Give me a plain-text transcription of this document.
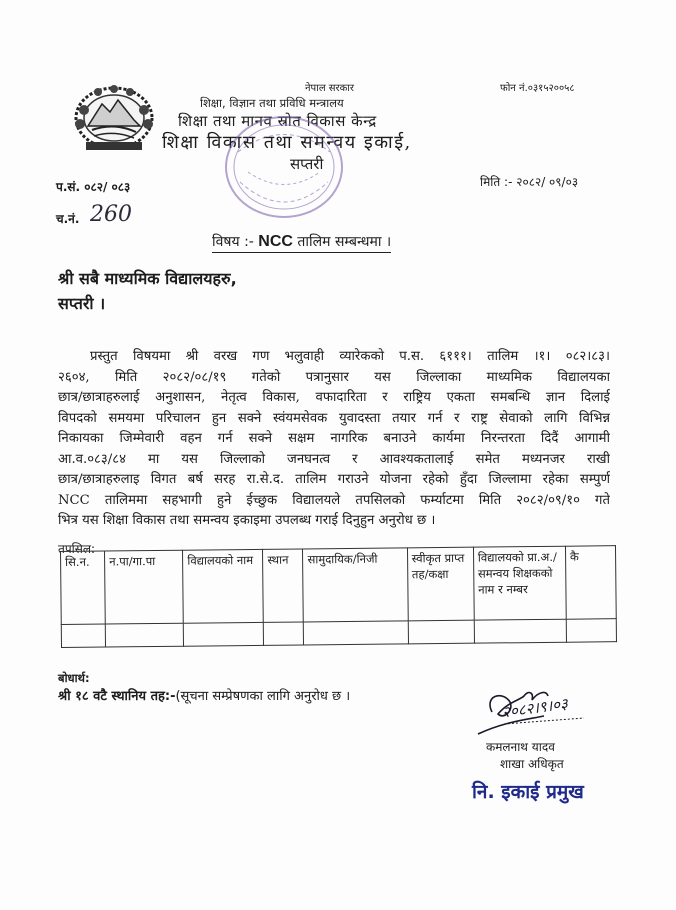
नेपाल सरकार	फोन नं.०३१५२००५८
शिक्षा, विज्ञान तथा प्रविधि मन्त्रालय
शिक्षा तथा मानव स्रोत विकास केन्द्र
शिक्षा विकास तथा समन्वय इकाई,
सप्तरी
प.सं. ०८२/ ०८३	मिति :- २०८२/ ०९/०३
च.नं. 260
विषय :- NCC तालिम सम्बन्धमा ।
श्री सबै माध्यमिक विद्यालयहरु,
सप्तरी ।
प्रस्तुत विषयमा श्री वरख गण भलुवाही व्यारेकको प.स. ६१११। तालिम ।१। ०८२।८३।
२६०४, मिति २०८२/०८/१९ गतेको पत्रानुसार यस जिल्लाका माध्यमिक विद्यालयका
छात्र/छात्राहरुलाई अनुशासन, नेतृत्व विकास, वफादारिता र राष्ट्रिय एकता समबन्धि ज्ञान दिलाई
विपदको समयमा परिचालन हुन सक्ने स्वंयमसेवक युवादस्ता तयार गर्न र राष्ट्र सेवाको लागि विभिन्न
निकायका जिम्मेवारी वहन गर्न सक्ने सक्षम नागरिक बनाउने कार्यमा निरन्तरता दिदैं आगामी
आ.व.०८३/८४ मा यस जिल्लाको जनघनत्व र आवश्यकतालाई समेत मध्यनजर राखी
छात्र/छात्राहरुलाइ विगत बर्ष सरह रा.से.द. तालिम गराउने योजना रहेको हुँदा जिल्लामा रहेका सम्पुर्ण
NCC तालिममा सहभागी हुने ईच्छुक विद्यालयले तपसिलको फर्म्याटमा मिति २०८२/०९/१० गते
भित्र यस शिक्षा विकास तथा समन्वय इकाइमा उपलब्ध गराई दिनुहुन अनुरोध छ ।
तपसिल:
सि.न.	न.पा/गा.पा	विद्यालयको नाम	स्थान	सामुदायिक/निजी	स्वीकृत प्राप्त तह/कक्षा	विद्यालयको प्रा.अ./समन्वय शिक्षकको नाम र नम्बर	कै

बोधार्थ:
श्री १८ वटै स्थानिय तह:-(सूचना सम्प्रेषणका लागि अनुरोध छ ।	२०८२।९।०३
कमलनाथ यादव
शाखा अधिकृत
नि. इकाई प्रमुख
